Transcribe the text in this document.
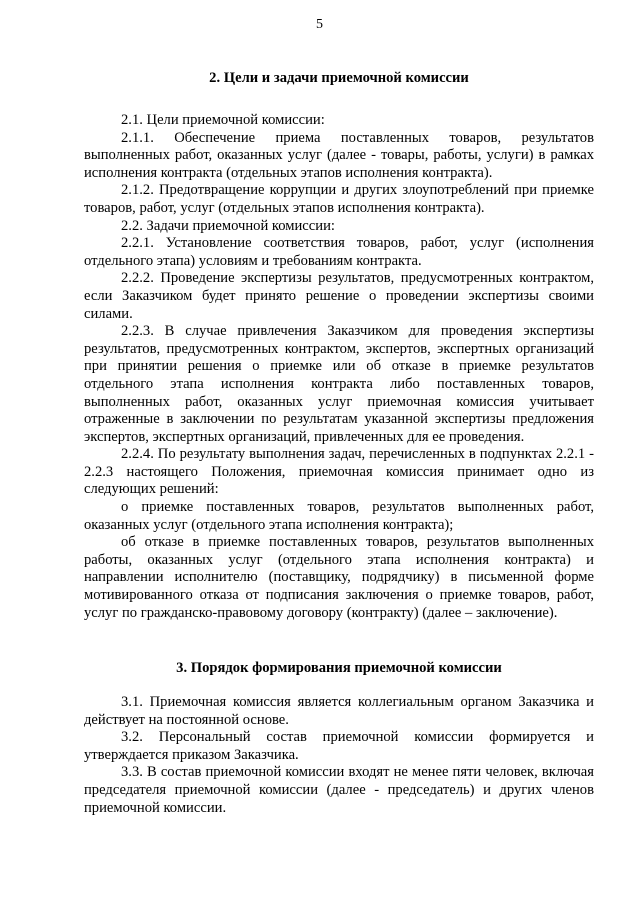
5
2. Цели и задачи приемочной комиссии

2.1. Цели приемочной комиссии:

2.1.1. Обеспечение приема поставленных товаров, результатов выполненных работ, оказанных услуг (далее - товары, работы, услуги) в рамках исполнения контракта (отдельных этапов исполнения контракта).

2.1.2. Предотвращение коррупции и других злоупотреблений при приемке товаров, работ, услуг (отдельных этапов исполнения контракта).

2.2. Задачи приемочной комиссии:

2.2.1. Установление соответствия товаров, работ, услуг (исполнения отдельного этапа) условиям и требованиям контракта.

2.2.2. Проведение экспертизы результатов, предусмотренных контрактом, если Заказчиком будет принято решение о проведении экспертизы своими силами.

2.2.3. В случае привлечения Заказчиком для проведения экспертизы результатов, предусмотренных контрактом, экспертов, экспертных организаций при принятии решения о приемке или об отказе в приемке результатов отдельного этапа исполнения контракта либо поставленных товаров, выполненных работ, оказанных услуг приемочная комиссия учитывает отраженные в заключении по результатам указанной экспертизы предложения экспертов, экспертных организаций, привлеченных для ее проведения.

2.2.4. По результату выполнения задач, перечисленных в подпунктах 2.2.1 - 2.2.3 настоящего Положения, приемочная комиссия принимает одно из следующих решений:

о приемке поставленных товаров, результатов выполненных работ, оказанных услуг (отдельного этапа исполнения контракта);

об отказе в приемке поставленных товаров, результатов выполненных работы, оказанных услуг (отдельного этапа исполнения контракта) и направлении исполнителю (поставщику, подрядчику) в письменной форме мотивированного отказа от подписания заключения о приемке товаров, работ, услуг по гражданско-правовому договору (контракту) (далее – заключение).

3. Порядок формирования приемочной комиссии

3.1. Приемочная комиссия является коллегиальным органом Заказчика и действует на постоянной основе.

3.2. Персональный состав приемочной комиссии формируется и утверждается приказом Заказчика.

3.3. В состав приемочной комиссии входят не менее пяти человек, включая председателя приемочной комиссии (далее - председатель) и других членов приемочной комиссии.
